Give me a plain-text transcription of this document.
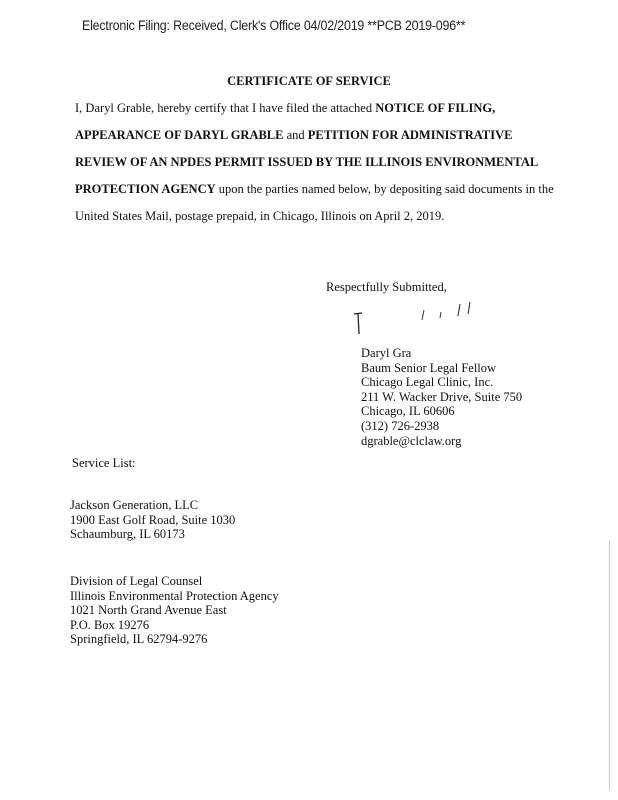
Electronic Filing: Received, Clerk's Office 04/02/2019 **PCB 2019-096**
CERTIFICATE OF SERVICE
I, Daryl Grable, hereby certify that I have filed the attached NOTICE OF FILING,
APPEARANCE OF DARYL GRABLE and PETITION FOR ADMINISTRATIVE
REVIEW OF AN NPDES PERMIT ISSUED BY THE ILLINOIS ENVIRONMENTAL
PROTECTION AGENCY upon the parties named below, by depositing said documents in the
United States Mail, postage prepaid, in Chicago, Illinois on April 2, 2019.
Respectfully Submitted,
Daryl Gra
Baum Senior Legal Fellow
Chicago Legal Clinic, Inc.
211 W. Wacker Drive, Suite 750
Chicago, IL 60606
(312) 726-2938
dgrable@clclaw.org
Service List:
Jackson Generation, LLC
1900 East Golf Road, Suite 1030
Schaumburg, IL 60173
Division of Legal Counsel
Illinois Environmental Protection Agency
1021 North Grand Avenue East
P.O. Box 19276
Springfield, IL 62794-9276
